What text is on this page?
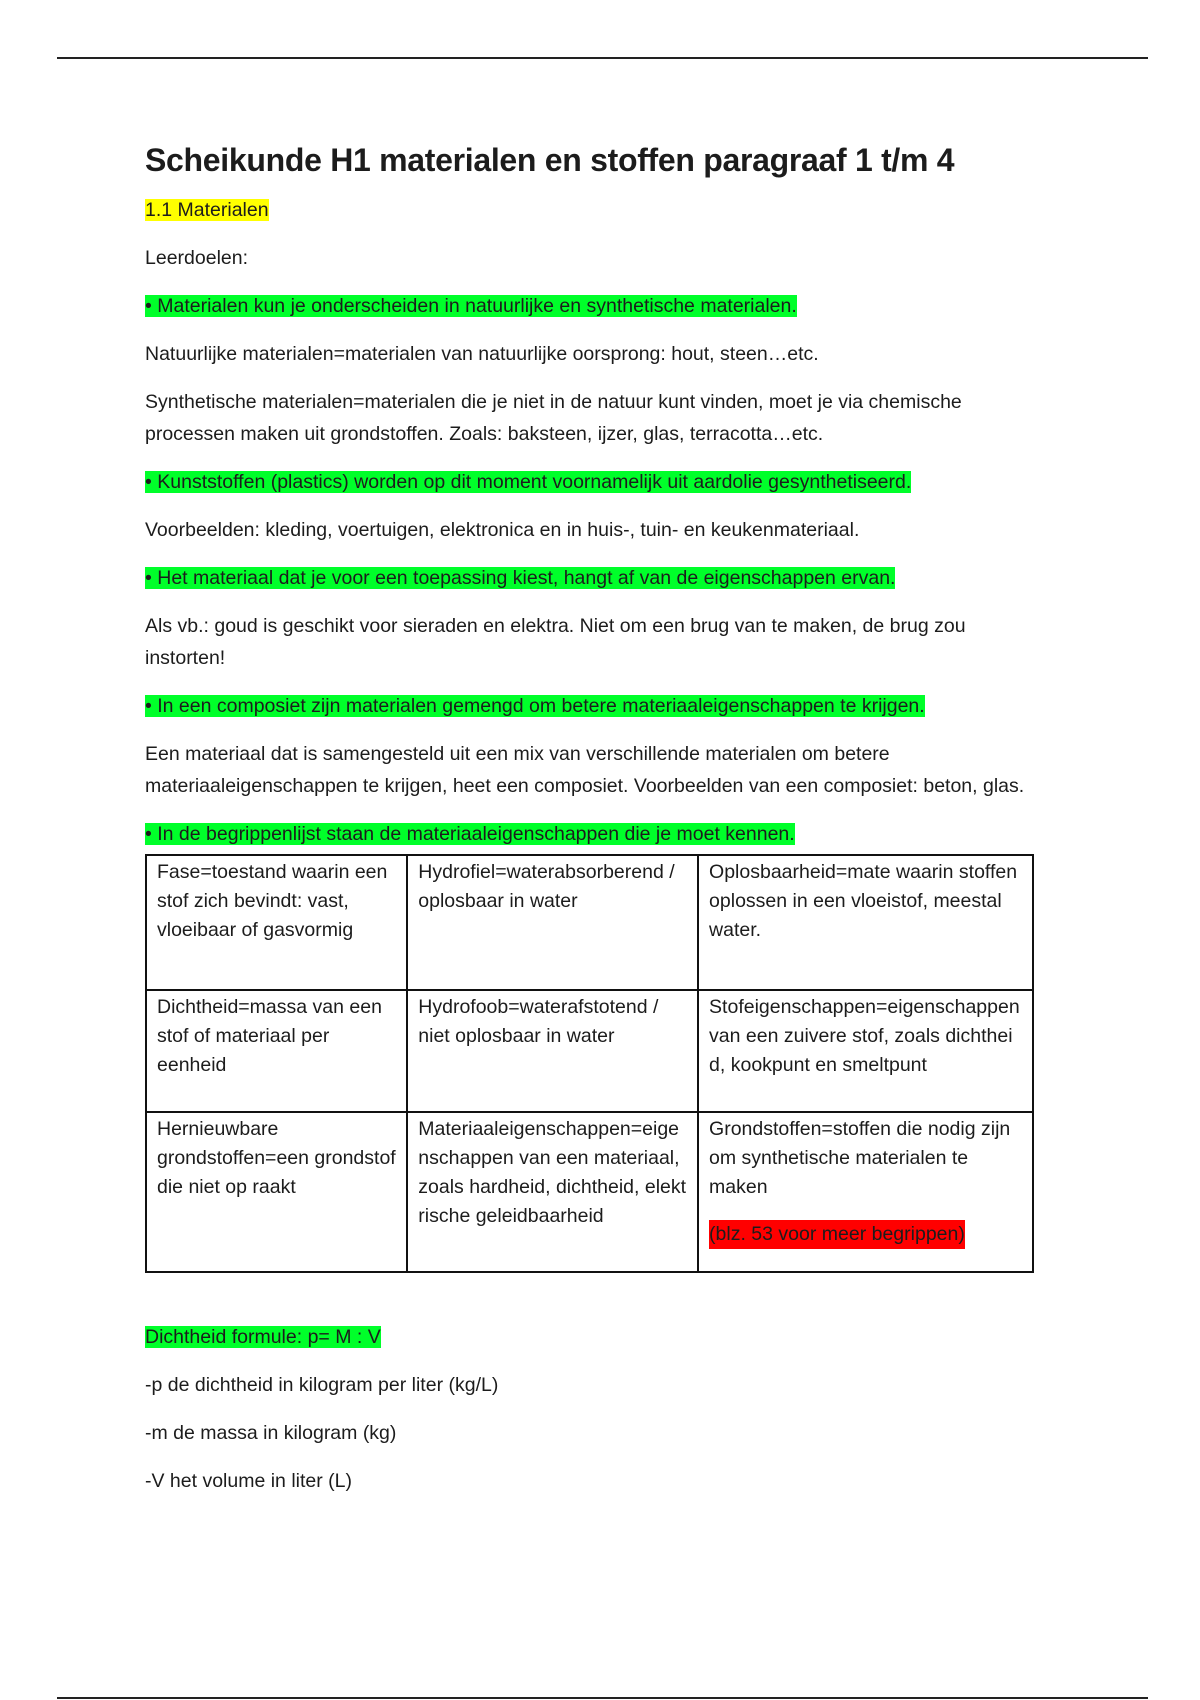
Scheikunde H1 materialen en stoffen paragraaf 1 t/m 4

1.1 Materialen

Leerdoelen:

• Materialen kun je onderscheiden in natuurlijke en synthetische materialen.

Natuurlijke materialen=materialen van natuurlijke oorsprong: hout, steen…etc.

Synthetische materialen=materialen die je niet in de natuur kunt vinden, moet je via chemische processen maken uit grondstoffen. Zoals: baksteen, ijzer, glas, terracotta…etc.

• Kunststoffen (plastics) worden op dit moment voornamelijk uit aardolie gesynthetiseerd.

Voorbeelden: kleding, voertuigen, elektronica en in huis-, tuin- en keukenmateriaal.

• Het materiaal dat je voor een toepassing kiest, hangt af van de eigenschappen ervan.

Als vb.: goud is geschikt voor sieraden en elektra. Niet om een brug van te maken, de brug zou instorten!

• In een composiet zijn materialen gemengd om betere materiaaleigenschappen te krijgen.

Een materiaal dat is samengesteld uit een mix van verschillende materialen om betere materiaaleigenschappen te krijgen, heet een composiet. Voorbeelden van een composiet: beton, glas.

• In de begrippenlijst staan de materiaaleigenschappen die je moet kennen.

Fase=toestand waarin een stof zich bevindt: vast, vloeibaar of gasvormig	Hydrofiel=waterabsorberend / oplosbaar in water	Oplosbaarheid=mate waarin stoffen oplossen in een vloeistof, meestal water.
Dichtheid=massa van een stof of materiaal per eenheid	Hydrofoob=waterafstotend / niet oplosbaar in water	Stofeigenschappen=eigenschappen van een zuivere stof, zoals dichtheid, kookpunt en smeltpunt
Hernieuwbare grondstoffen=een grondstof die niet op raakt	Materiaaleigenschappen=eigenschappen van een materiaal, zoals hardheid, dichtheid, elektrische geleidbaarheid	Grondstoffen=stoffen die nodig zijn om synthetische materialen te maken
(blz. 53 voor meer begrippen)

Dichtheid formule: p= M : V

-p de dichtheid in kilogram per liter (kg/L)

-m de massa in kilogram (kg)

-V het volume in liter (L)
